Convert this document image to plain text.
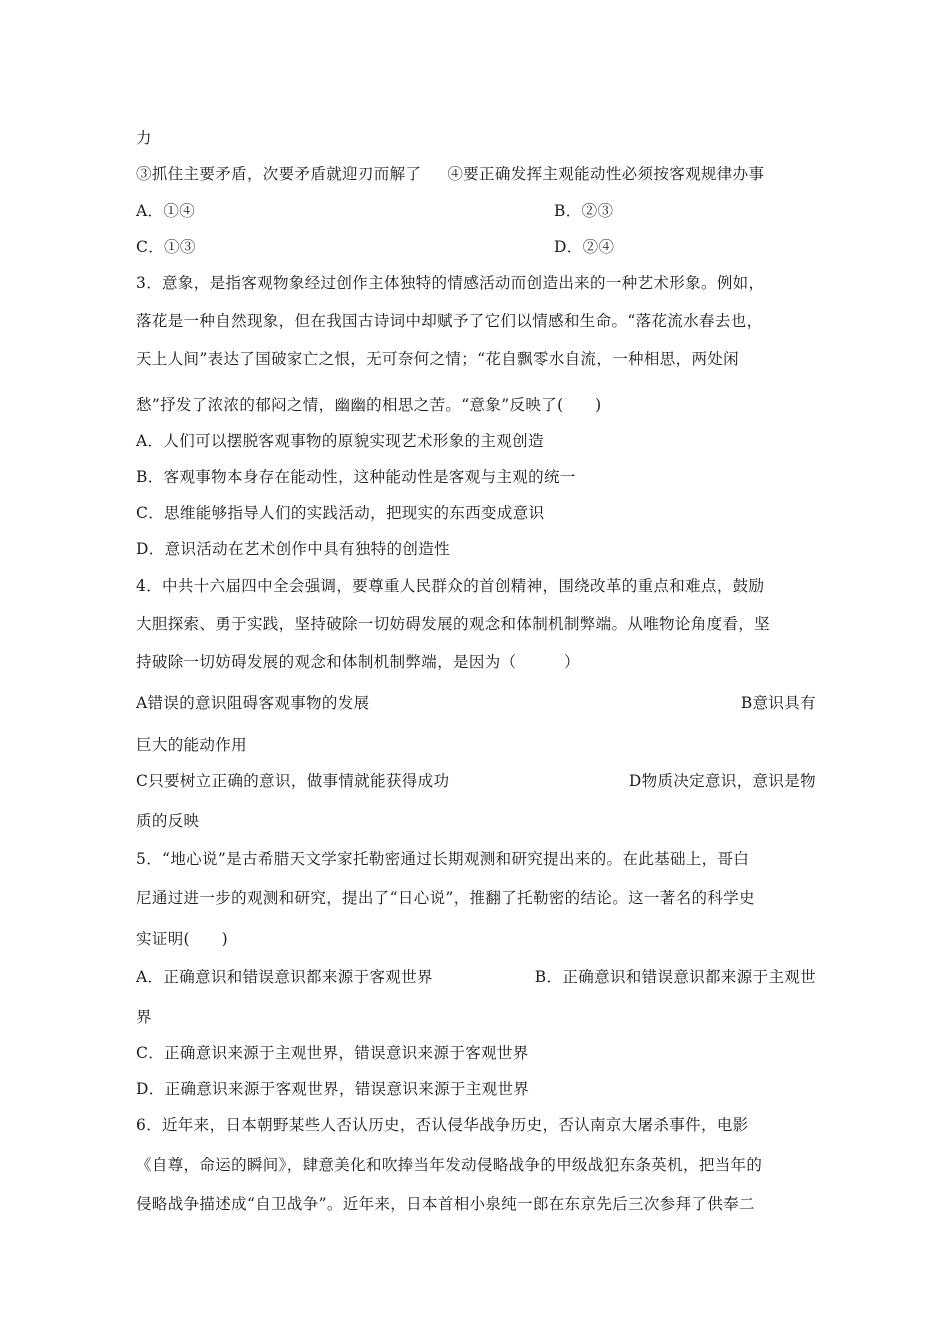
力
③抓住主要矛盾，次要矛盾就迎刃而解了 ④要正确发挥主观能动性必须按客观规律办事
A．①④	B．②③
C．①③	D．②④
3．意象，是指客观物象经过创作主体独特的情感活动而创造出来的一种艺术形象。例如，
落花是一种自然现象，但在我国古诗词中却赋予了它们以情感和生命。“落花流水春去也，
天上人间”表达了国破家亡之恨，无可奈何之情；“花自飘零水自流，一种相思，两处闲
愁”抒发了浓浓的郁闷之情，幽幽的相思之苦。“意象”反映了(　　)
A．人们可以摆脱客观事物的原貌实现艺术形象的主观创造
B．客观事物本身存在能动性，这种能动性是客观与主观的统一
C．思维能够指导人们的实践活动，把现实的东西变成意识
D．意识活动在艺术创作中具有独特的创造性
4．中共十六届四中全会强调，要尊重人民群众的首创精神，围绕改革的重点和难点，鼓励
大胆探索、勇于实践，坚持破除一切妨碍发展的观念和体制机制弊端。从唯物论角度看，坚
持破除一切妨碍发展的观念和体制机制弊端，是因为（　　　）
A错误的意识阻碍客观事物的发展	B意识具有
巨大的能动作用
C只要树立正确的意识，做事情就能获得成功	D物质决定意识，意识是物
质的反映
5．“地心说”是古希腊天文学家托勒密通过长期观测和研究提出来的。在此基础上，哥白
尼通过进一步的观测和研究，提出了“日心说”，推翻了托勒密的结论。这一著名的科学史
实证明(　　)
A．正确意识和错误意识都来源于客观世界	B．正确意识和错误意识都来源于主观世
界
C．正确意识来源于主观世界，错误意识来源于客观世界
D．正确意识来源于客观世界，错误意识来源于主观世界
6．近年来，日本朝野某些人否认历史，否认侵华战争历史，否认南京大屠杀事件，电影
《自尊，命运的瞬间》，肆意美化和吹捧当年发动侵略战争的甲级战犯东条英机，把当年的
侵略战争描述成“自卫战争”。近年来，日本首相小泉纯一郎在东京先后三次参拜了供奉二
